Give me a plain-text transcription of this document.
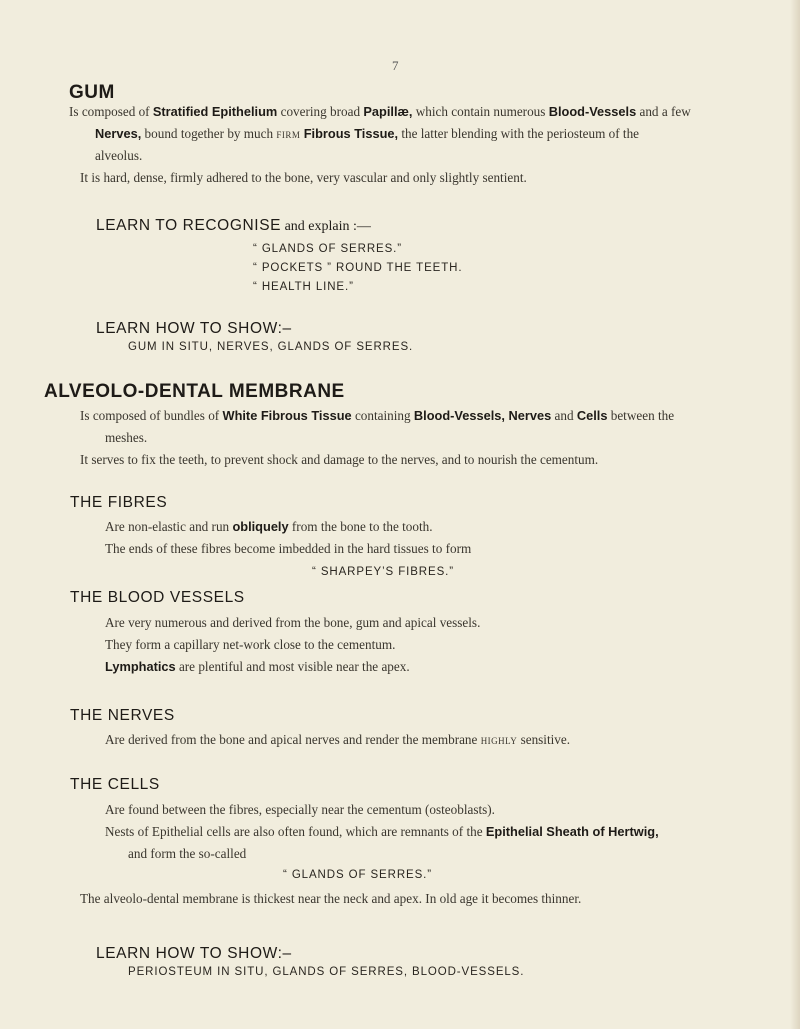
7
GUM
Is composed of Stratified Epithelium covering broad Papillæ, which contain numerous Blood-Vessels and a few
Nerves, bound together by much firm Fibrous Tissue, the latter blending with the periosteum of the
alveolus.
It is hard, dense, firmly adhered to the bone, very vascular and only slightly sentient.
LEARN TO RECOGNISE and explain :—
“ GLANDS OF SERRES.”
“ POCKETS ” ROUND THE TEETH.
“ HEALTH LINE.”
LEARN HOW TO SHOW:–
GUM IN SITU, NERVES, GLANDS OF SERRES.
ALVEOLO-DENTAL MEMBRANE
Is composed of bundles of White Fibrous Tissue containing Blood-Vessels, Nerves and Cells between the
meshes.
It serves to fix the teeth, to prevent shock and damage to the nerves, and to nourish the cementum.
THE FIBRES
Are non-elastic and run obliquely from the bone to the tooth.
The ends of these fibres become imbedded in the hard tissues to form
“ SHARPEY’S FIBRES.”
THE BLOOD VESSELS
Are very numerous and derived from the bone, gum and apical vessels.
They form a capillary net-work close to the cementum.
Lymphatics are plentiful and most visible near the apex.
THE NERVES
Are derived from the bone and apical nerves and render the membrane highly sensitive.
THE CELLS
Are found between the fibres, especially near the cementum (osteoblasts).
Nests of Epithelial cells are also often found, which are remnants of the Epithelial Sheath of Hertwig,
and form the so-called
“ GLANDS OF SERRES.”
The alveolo-dental membrane is thickest near the neck and apex. In old age it becomes thinner.
LEARN HOW TO SHOW:–
PERIOSTEUM IN SITU, GLANDS OF SERRES, BLOOD-VESSELS.
